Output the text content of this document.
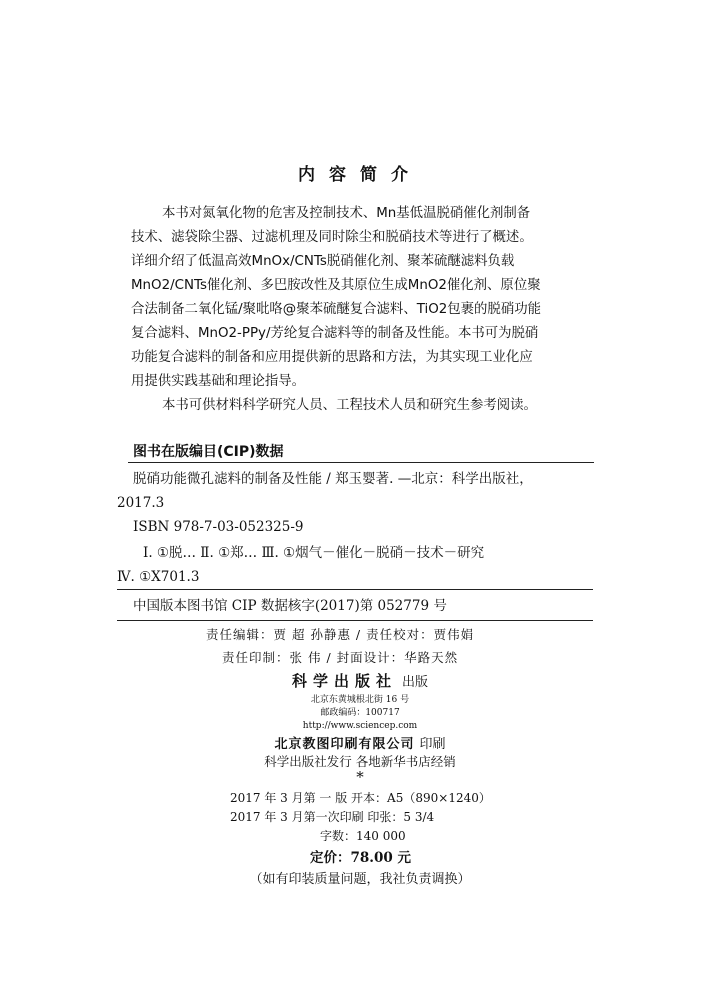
内容简介
本书对氮氧化物的危害及控制技术、Mn基低温脱硝催化剂制备
技术、滤袋除尘器、过滤机理及同时除尘和脱硝技术等进行了概述。
详细介绍了低温高效MnOx/CNTs脱硝催化剂、聚苯硫醚滤料负载
MnO2/CNTs催化剂、多巴胺改性及其原位生成MnO2催化剂、原位聚
合法制备二氧化锰/聚吡咯@聚苯硫醚复合滤料、TiO2包裹的脱硝功能
复合滤料、MnO2-PPy/芳纶复合滤料等的制备及性能。本书可为脱硝
功能复合滤料的制备和应用提供新的思路和方法，为其实现工业化应
用提供实践基础和理论指导。
本书可供材料科学研究人员、工程技术人员和研究生参考阅读。
图书在版编目(CIP)数据
脱硝功能微孔滤料的制备及性能 / 郑玉婴著. —北京：科学出版社，
2017.3
ISBN 978-7-03-052325-9
Ⅰ. ①脱… Ⅱ. ①郑… Ⅲ. ①烟气－催化－脱硝－技术－研究
Ⅳ. ①X701.3
中国版本图书馆 CIP 数据核字(2017)第 052779 号
责任编辑：贾 超 孙静惠 / 责任校对：贾伟娟
责任印制：张 伟 / 封面设计：华路天然
科学出版社 出版
北京东黄城根北街 16 号
邮政编码：100717
http://www.sciencep.com
北京教图印刷有限公司 印刷
科学出版社发行 各地新华书店经销
*
2017 年 3 月第 一 版 开本：A5（890×1240）
2017 年 3 月第一次印刷 印张：5 3/4
字数：140 000
定价：78.00 元
（如有印装质量问题，我社负责调换）
